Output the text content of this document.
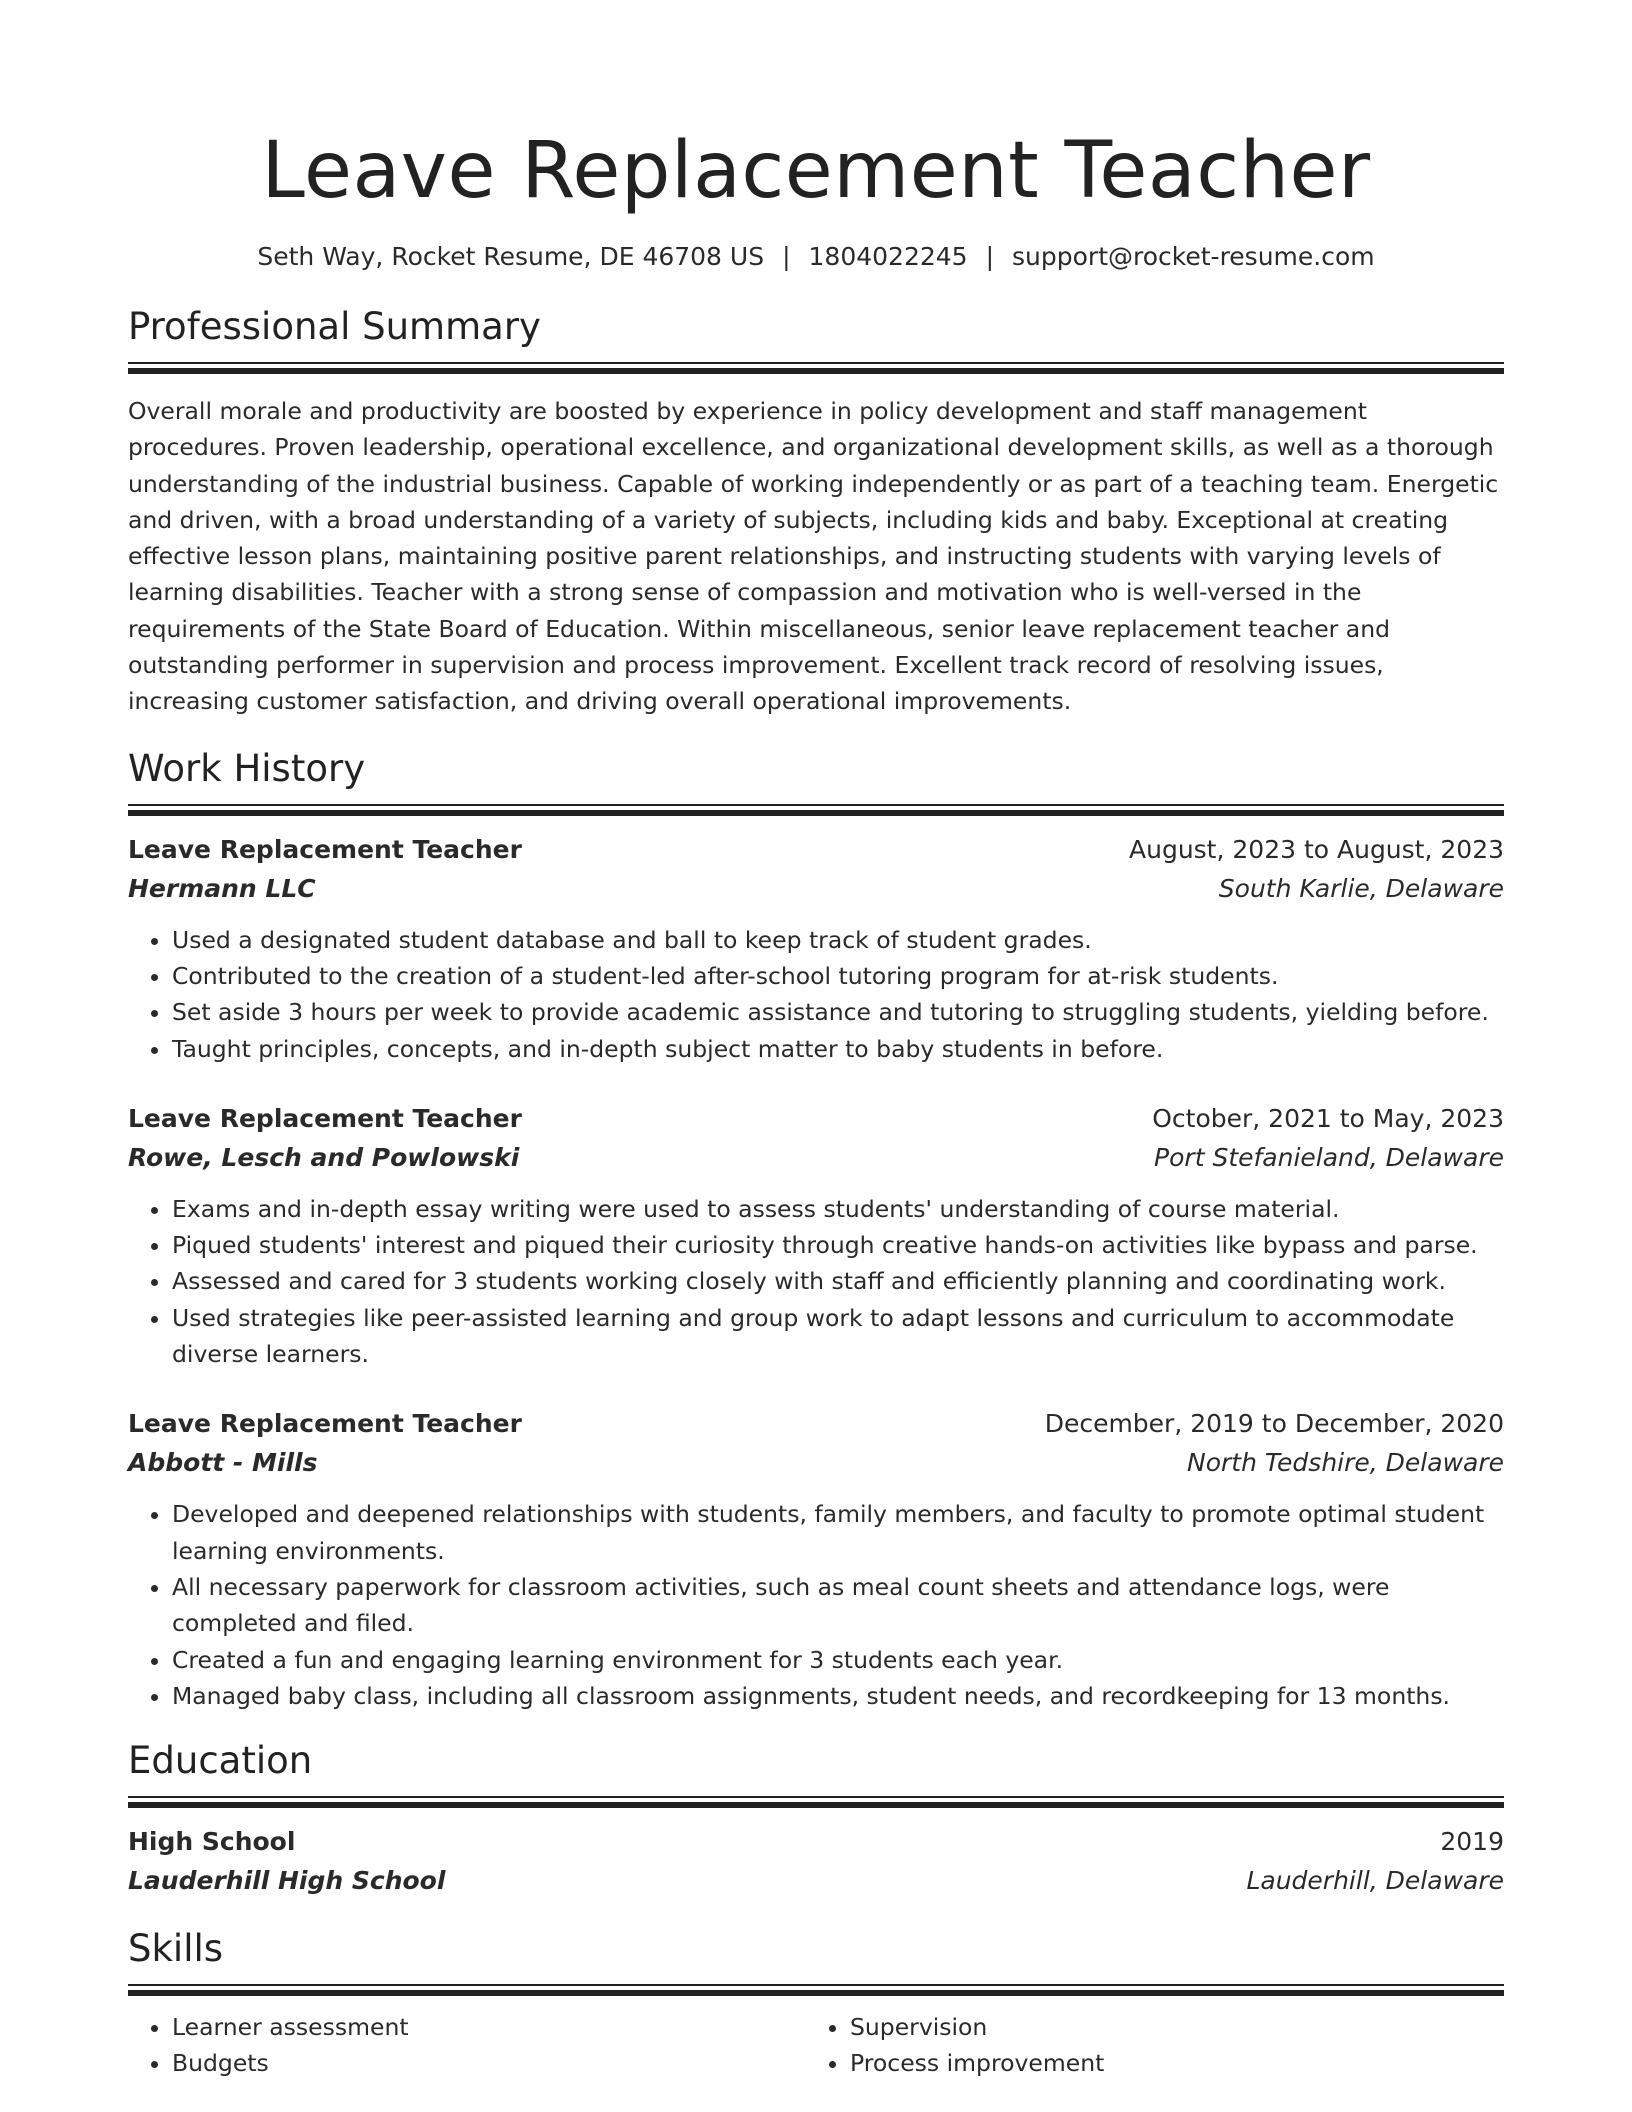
Leave Replacement Teacher
Seth Way, Rocket Resume, DE 46708 US | 1804022245 | support@rocket-resume.com
Professional Summary

Overall morale and productivity are boosted by experience in policy development and staff management procedures. Proven leadership, operational excellence, and organizational development skills, as well as a thorough understanding of the industrial business. Capable of working independently or as part of a teaching team. Energetic and driven, with a broad understanding of a variety of subjects, including kids and baby. Exceptional at creating effective lesson plans, maintaining positive parent relationships, and instructing students with varying levels of learning disabilities. Teacher with a strong sense of compassion and motivation who is well-versed in the requirements of the State Board of Education. Within miscellaneous, senior leave replacement teacher and outstanding performer in supervision and process improvement. Excellent track record of resolving issues, increasing customer satisfaction, and driving overall operational improvements.

Work History
Leave Replacement Teacher	August, 2023 to August, 2023
Hermann LLC	South Karlie, Delaware
• Used a designated student database and ball to keep track of student grades.
• Contributed to the creation of a student-led after-school tutoring program for at-risk students.
• Set aside 3 hours per week to provide academic assistance and tutoring to struggling students, yielding before.
• Taught principles, concepts, and in-depth subject matter to baby students in before.
Leave Replacement Teacher	October, 2021 to May, 2023
Rowe, Lesch and Powlowski	Port Stefanieland, Delaware
• Exams and in-depth essay writing were used to assess students' understanding of course material.
• Piqued students' interest and piqued their curiosity through creative hands-on activities like bypass and parse.
• Assessed and cared for 3 students working closely with staff and efficiently planning and coordinating work.
• Used strategies like peer-assisted learning and group work to adapt lessons and curriculum to accommodate diverse learners.
Leave Replacement Teacher	December, 2019 to December, 2020
Abbott - Mills	North Tedshire, Delaware
• Developed and deepened relationships with students, family members, and faculty to promote optimal student learning environments.
• All necessary paperwork for classroom activities, such as meal count sheets and attendance logs, were completed and filed.
• Created a fun and engaging learning environment for 3 students each year.
• Managed baby class, including all classroom assignments, student needs, and recordkeeping for 13 months.
Education
High School	2019
Lauderhill High School	Lauderhill, Delaware
Skills
• Learner assessment
• Budgets
• Supervision
• Process improvement
